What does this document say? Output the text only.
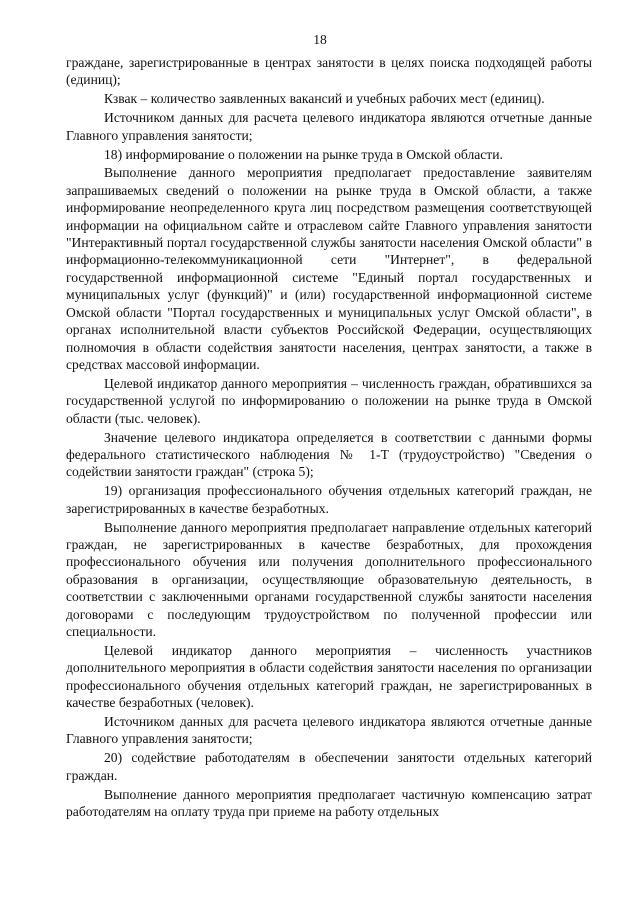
18

граждане, зарегистрированные в центрах занятости в целях поиска подходящей работы (единиц);

Кзвак – количество заявленных вакансий и учебных рабочих мест (единиц).

Источником данных для расчета целевого индикатора являются отчетные данные Главного управления занятости;

18) информирование о положении на рынке труда в Омской области.

Выполнение данного мероприятия предполагает предоставление заявителям запрашиваемых сведений о положении на рынке труда в Омской области, а также информирование неопределенного круга лиц посредством размещения соответствующей информации на официальном сайте и отраслевом сайте Главного управления занятости "Интерактивный портал государственной службы занятости населения Омской области" в информационно-телекоммуникационной сети "Интернет", в федеральной государственной информационной системе "Единый портал государственных и муниципальных услуг (функций)" и (или) государственной информационной системе Омской области "Портал государственных и муниципальных услуг Омской области", в органах исполнительной власти субъектов Российской Федерации, осуществляющих полномочия в области содействия занятости населения, центрах занятости, а также в средствах массовой информации.

Целевой индикатор данного мероприятия – численность граждан, обратившихся за государственной услугой по информированию о положении на рынке труда в Омской области (тыс. человек).

Значение целевого индикатора определяется в соответствии с данными формы федерального статистического наблюдения № 1-Т (трудоустройство) "Сведения о содействии занятости граждан" (строка 5);

19) организация профессионального обучения отдельных категорий граждан, не зарегистрированных в качестве безработных.

Выполнение данного мероприятия предполагает направление отдельных категорий граждан, не зарегистрированных в качестве безработных, для прохождения профессионального обучения или получения дополнительного профессионального образования в организации, осуществляющие образовательную деятельность, в соответствии с заключенными органами государственной службы занятости населения договорами с последующим трудоустройством по полученной профессии или специальности.

Целевой индикатор данного мероприятия – численность участников дополнительного мероприятия в области содействия занятости населения по организации профессионального обучения отдельных категорий граждан, не зарегистрированных в качестве безработных (человек).

Источником данных для расчета целевого индикатора являются отчетные данные Главного управления занятости;

20) содействие работодателям в обеспечении занятости отдельных категорий граждан.

Выполнение данного мероприятия предполагает частичную компенсацию затрат работодателям на оплату труда при приеме на работу отдельных
